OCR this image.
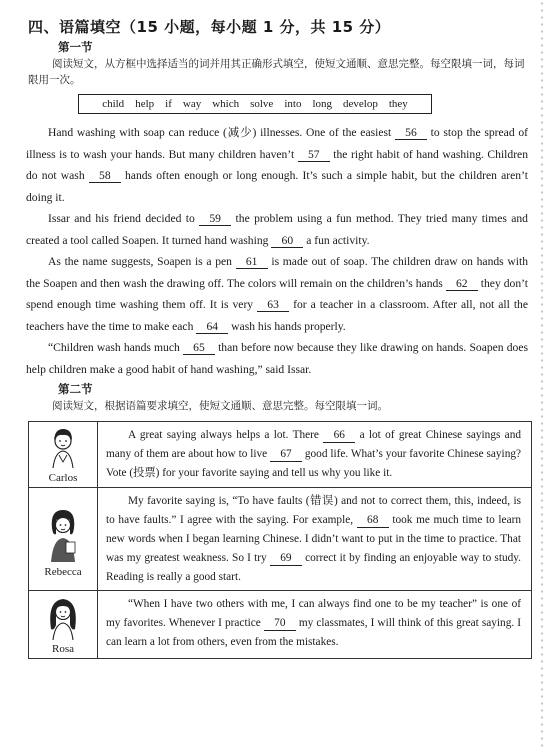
四、语篇填空（15 小题，每小题 1 分，共 15 分）
第一节
阅读短文，从方框中选择适当的词并用其正确形式填空，使短文通顺、意思完整。每空限填一词，每词限用一次。
child help if way which solve into long develop they

Hand washing with soap can reduce (减少) illnesses. One of the easiest 56 to stop the spread of illness is to wash your hands. But many children haven’t 57 the right habit of hand washing. Children do not wash 58 hands often enough or long enough. It’s such a simple habit, but the children aren’t doing it.

Issar and his friend decided to 59 the problem using a fun method. They tried many times and created a tool called Soapen. It turned hand washing 60 a fun activity.

As the name suggests, Soapen is a pen 61 is made out of soap. The children draw on hands with the Soapen and then wash the drawing off. The colors will remain on the children’s hands 62 they don’t spend enough time washing them off. It is very 63 for a teacher in a classroom. After all, not all the teachers have the time to make each 64 wash his hands properly.

“Children wash hands much 65 than before now because they like drawing on hands. Soapen does help children make a good habit of hand washing,” said Issar.

第二节
阅读短文，根据语篇要求填空，使短文通顺、意思完整。每空限填一词。
Carlos	A great saying always helps a lot. There 66 a lot of great Chinese sayings and many of them are about how to live 67 good life. What’s your favorite Chinese saying? Vote (投票) for your favorite saying and tell us why you like it.

Rebecca	My favorite saying is, “To have faults (错误) and not to correct them, this, indeed, is to have faults.” I agree with the saying. For example, 68 took me much time to learn new words when I began learning Chinese. I didn’t want to put in the time to practice. That was my greatest weakness. So I try 69 correct it by finding an enjoyable way to study. Reading is really a good start.

Rosa	“When I have two others with me, I can always find one to be my teacher” is one of my favorites. Whenever I practice 70 my classmates, I will think of this great saying. I can learn a lot from others, even from the mistakes.
